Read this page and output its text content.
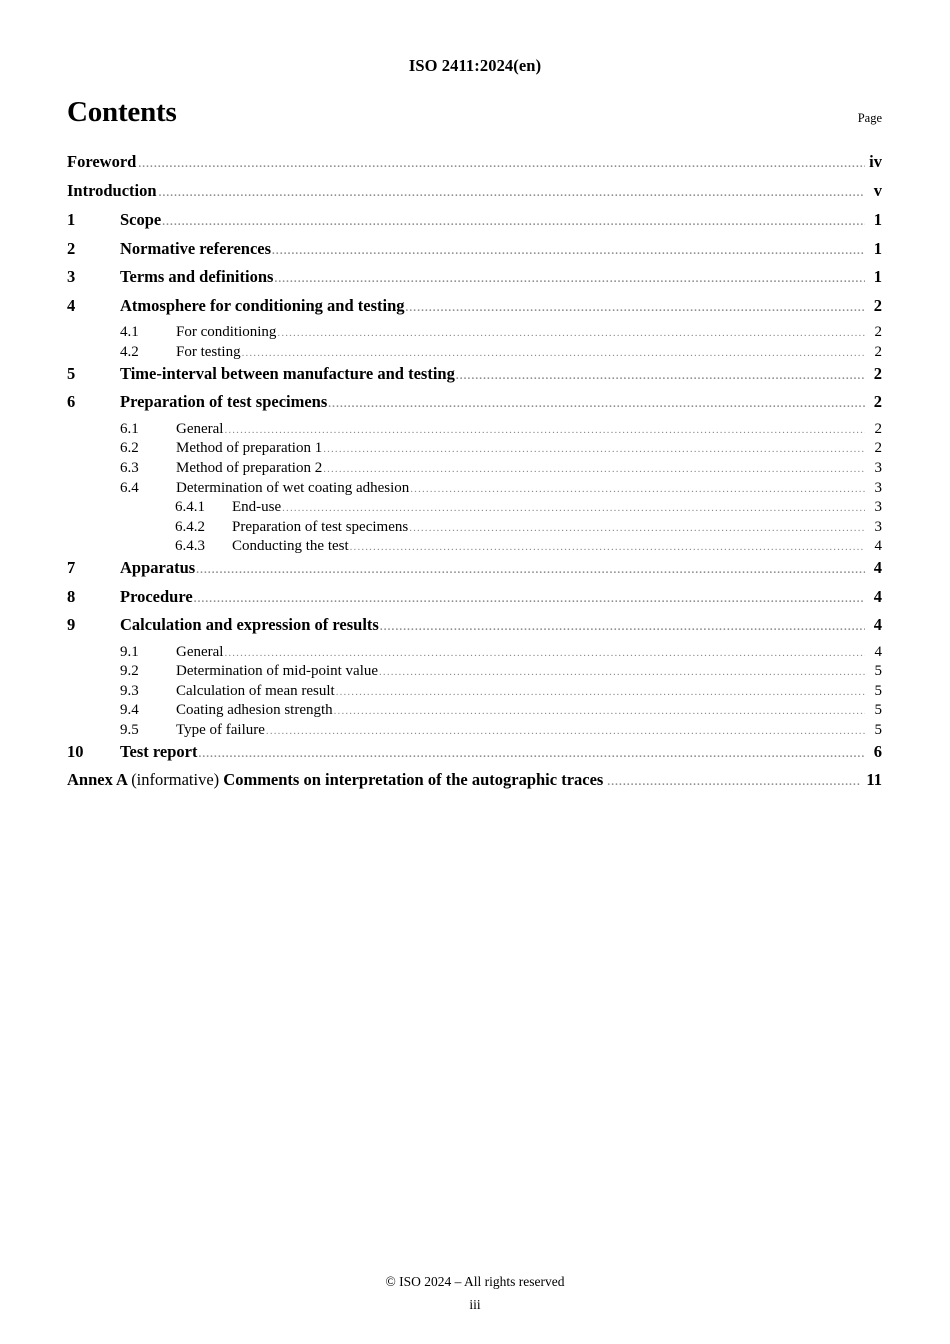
ISO 2411:2024(en)
Contents	Page
Foreword .....	iv
Introduction .....	v
1	Scope .....	1
2	Normative references .....	1
3	Terms and definitions .....	1
4	Atmosphere for conditioning and testing .....	2
4.1	For conditioning .....	2
4.2	For testing .....	2
5	Time-interval between manufacture and testing .....	2
6	Preparation of test specimens .....	2
6.1	General .....	2
6.2	Method of preparation 1 .....	2
6.3	Method of preparation 2 .....	3
6.4	Determination of wet coating adhesion .....	3
6.4.1	End-use .....	3
6.4.2	Preparation of test specimens .....	3
6.4.3	Conducting the test .....	4
7	Apparatus .....	4
8	Procedure .....	4
9	Calculation and expression of results .....	4
9.1	General .....	4
9.2	Determination of mid-point value .....	5
9.3	Calculation of mean result .....	5
9.4	Coating adhesion strength .....	5
9.5	Type of failure .....	5
10	Test report .....	6
Annex A (informative) Comments on interpretation of the autographic traces .....	11
© ISO 2024 – All rights reserved
iii
